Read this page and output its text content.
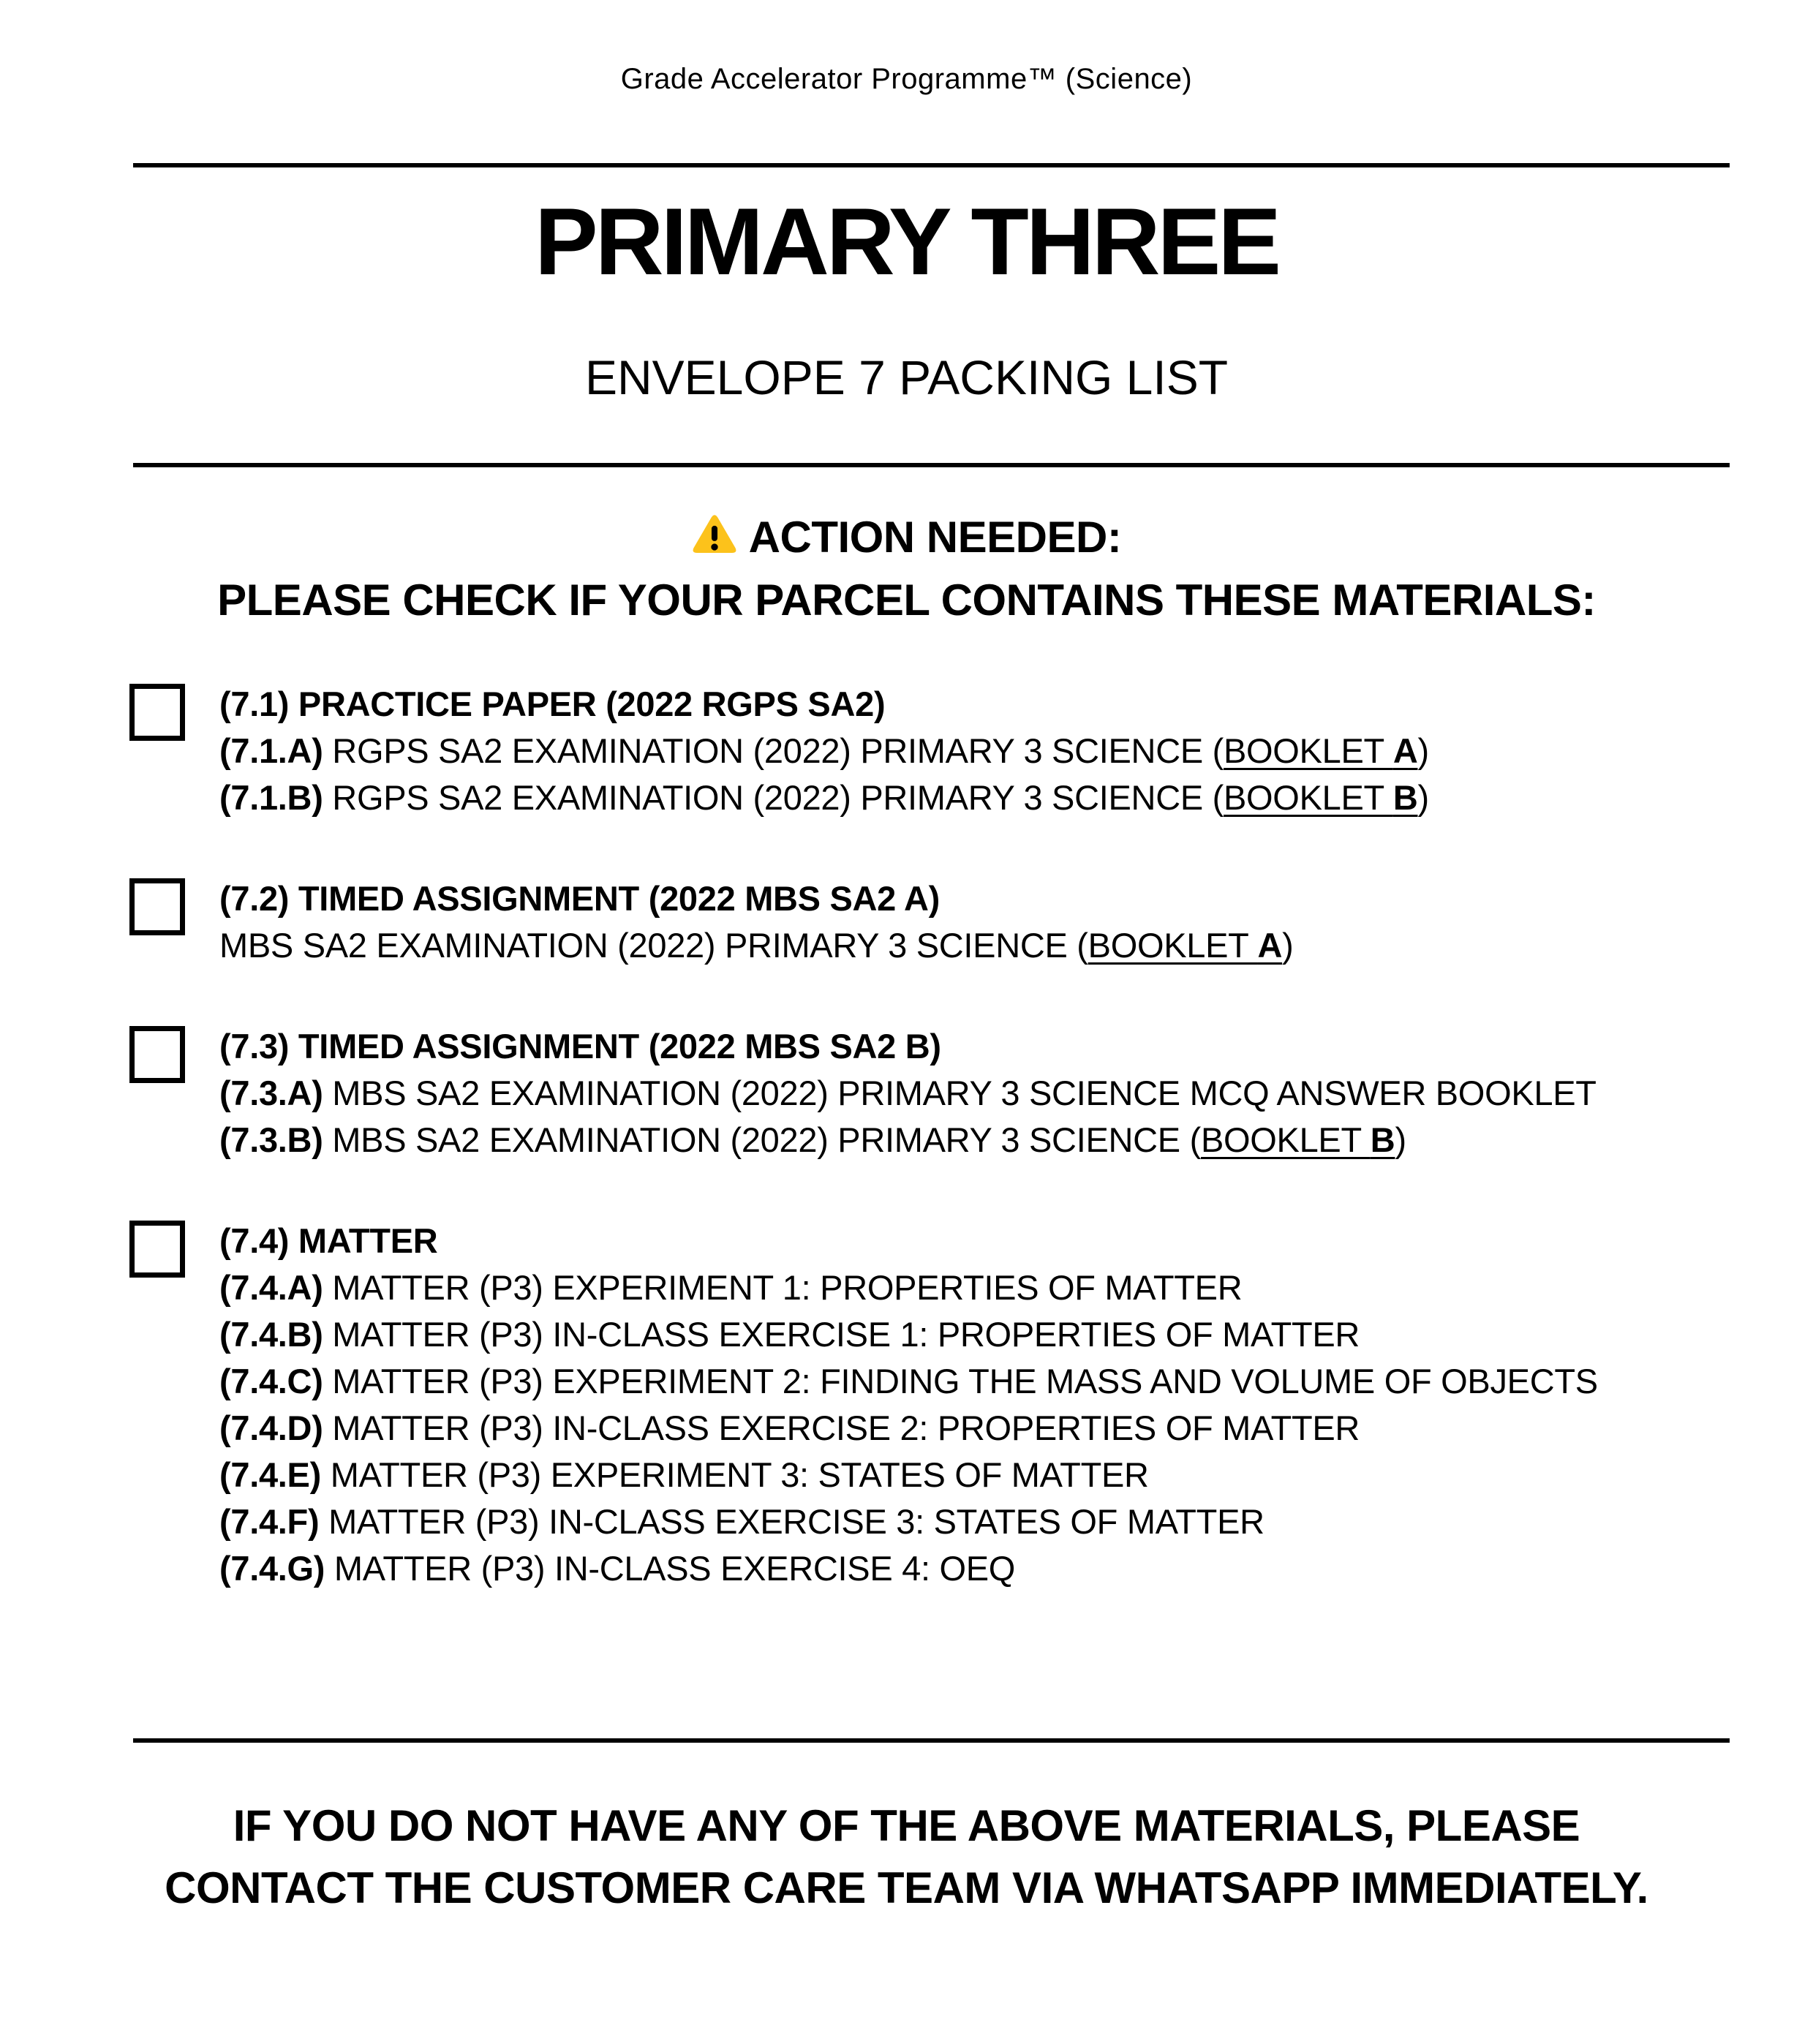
Grade Accelerator Programme™ (Science)
PRIMARY THREE
ENVELOPE 7 PACKING LIST
ACTION NEEDED:
PLEASE CHECK IF YOUR PARCEL CONTAINS THESE MATERIALS:
(7.1) PRACTICE PAPER (2022 RGPS SA2)
(7.1.A) RGPS SA2 EXAMINATION (2022) PRIMARY 3 SCIENCE (BOOKLET A)
(7.1.B) RGPS SA2 EXAMINATION (2022) PRIMARY 3 SCIENCE (BOOKLET B)
(7.2) TIMED ASSIGNMENT (2022 MBS SA2 A)
MBS SA2 EXAMINATION (2022) PRIMARY 3 SCIENCE (BOOKLET A)
(7.3) TIMED ASSIGNMENT (2022 MBS SA2 B)
(7.3.A) MBS SA2 EXAMINATION (2022) PRIMARY 3 SCIENCE MCQ ANSWER BOOKLET
(7.3.B) MBS SA2 EXAMINATION (2022) PRIMARY 3 SCIENCE (BOOKLET B)
(7.4) MATTER
(7.4.A) MATTER (P3) EXPERIMENT 1: PROPERTIES OF MATTER
(7.4.B) MATTER (P3) IN-CLASS EXERCISE 1: PROPERTIES OF MATTER
(7.4.C) MATTER (P3) EXPERIMENT 2: FINDING THE MASS AND VOLUME OF OBJECTS
(7.4.D) MATTER (P3) IN-CLASS EXERCISE 2: PROPERTIES OF MATTER
(7.4.E) MATTER (P3) EXPERIMENT 3: STATES OF MATTER
(7.4.F) MATTER (P3) IN-CLASS EXERCISE 3: STATES OF MATTER
(7.4.G) MATTER (P3) IN-CLASS EXERCISE 4: OEQ
IF YOU DO NOT HAVE ANY OF THE ABOVE MATERIALS, PLEASE
CONTACT THE CUSTOMER CARE TEAM VIA WHATSAPP IMMEDIATELY.
